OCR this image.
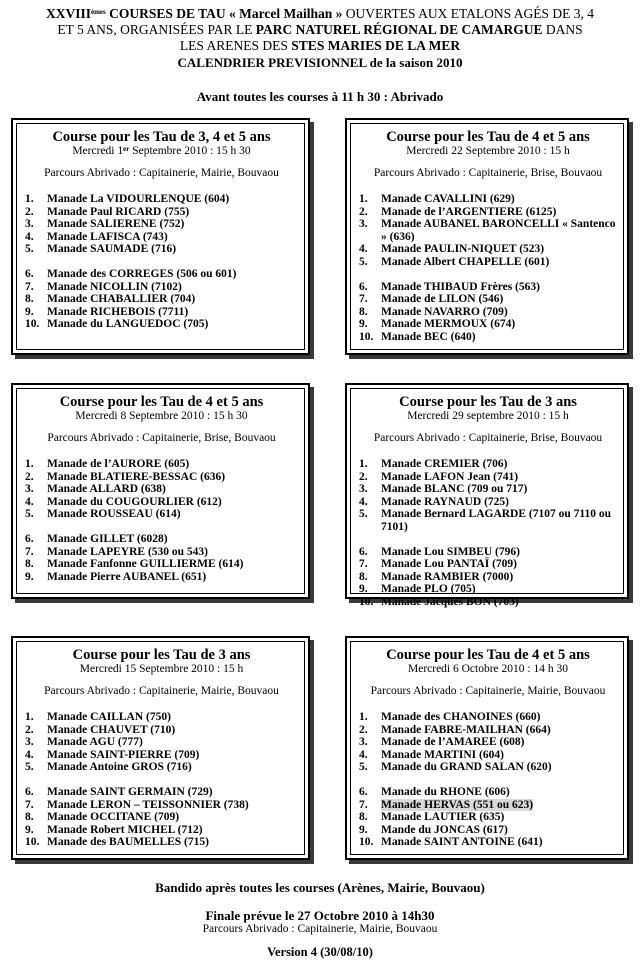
XXVIIIèmes COURSES DE TAU « Marcel Mailhan » OUVERTES AUX ETALONS AGÉS DE 3, 4
ET 5 ANS, ORGANISÉES PAR LE PARC NATUREL RÉGIONAL DE CAMARGUE DANS
LES ARENES DES STES MARIES DE LA MER
CALENDRIER PREVISIONNEL de la saison 2010
Avant toutes les courses à 11 h 30 : Abrivado
Course pour les Tau de 3, 4 et 5 ans
Mercredi 1er Septembre 2010 : 15 h 30
Parcours Abrivado : Capitainerie, Mairie, Bouvaou
1.	Manade La VIDOURLENQUE (604)
2.	Manade Paul RICARD (755)
3.	Manade SALIERENE (752)
4.	Manade LAFISCA (743)
5.	Manade SAUMADE (716)
6.	Manade des CORREGES (506 ou 601)
7.	Manade NICOLLIN (7102)
8.	Manade CHABALLIER (704)
9.	Manade RICHEBOIS (7711)
10. Manade du LANGUEDOC (705)
Course pour les Tau de 4 et 5 ans
Mercredi 22 Septembre 2010 : 15 h
Parcours Abrivado : Capitainerie, Brise, Bouvaou
1.	Manade CAVALLINI (629)
2.	Manade de l’ARGENTIERE (6125)
3.	Manade AUBANEL BARONCELLI « Santenco » (636)
4.	Manade PAULIN-NIQUET (523)
5.	Manade Albert CHAPELLE (601)
6.	Manade THIBAUD Frères (563)
7.	Manade de LILON (546)
8.	Manade NAVARRO (709)
9.	Manade MERMOUX (674)
10. Manade BEC (640)
Course pour les Tau de 4 et 5 ans
Mercredi 8 Septembre 2010 : 15 h 30
Parcours Abrivado : Capitainerie, Brise, Bouvaou
1.	Manade de l’AURORE (605)
2.	Manade BLATIERE-BESSAC (636)
3.	Manade ALLARD (638)
4.	Manade du COUGOURLIER (612)
5.	Manade ROUSSEAU (614)
6.	Manade GILLET (6028)
7.	Manade LAPEYRE (530 ou 543)
8.	Manade Fanfonne GUILLIERME (614)
9.	Manade Pierre AUBANEL (651)
Course pour les Tau de 3 ans
Mercredi 29 septembre 2010 : 15 h
Parcours Abrivado : Capitainerie, Brise, Bouvaou
1.	Manade CREMIER (706)
2.	Manade LAFON Jean (741)
3.	Manade BLANC (709 ou 717)
4.	Manade RAYNAUD (725)
5.	Manade Bernard LAGARDE (7107 ou 7110 ou 7101)
6.	Manade Lou SIMBEU (796)
7.	Manade Lou PANTAÏ (709)
8.	Manade RAMBIER (7000)
9.	Manade PLO (705)
10. Manade Jacques BON (703)
Course pour les Tau de 3 ans
Mercredi 15 Septembre 2010 : 15 h
Parcours Abrivado : Capitainerie, Mairie, Bouvaou
1.	Manade CAILLAN (750)
2.	Manade CHAUVET (710)
3.	Manade AGU (777)
4.	Manade SAINT-PIERRE (709)
5.	Manade Antoine GROS (716)
6.	Manade SAINT GERMAIN (729)
7.	Manade LERON – TEISSONNIER (738)
8.	Manade OCCITANE (709)
9.	Manade Robert MICHEL (712)
10. Manade des BAUMELLES (715)
Course pour les Tau de 4 et 5 ans
Mercredi 6 Octobre 2010 : 14 h 30
Parcours Abrivado : Capitainerie, Mairie, Bouvaou
1.	Manade des CHANOINES (660)
2.	Manade FABRE-MAILHAN (664)
3.	Manade de l’AMAREE (608)
4.	Manade MARTINI (604)
5.	Manade du GRAND SALAN (620)
6.	Manade du RHONE (606)
7.	Manade HERVAS (551 ou 623)
8.	Manade LAUTIER (635)
9.	Mande du JONCAS (617)
10. Manade SAINT ANTOINE (641)
Bandido après toutes les courses (Arènes, Mairie, Bouvaou)
Finale prévue le 27 Octobre 2010 à 14h30
Parcours Abrivado : Capitainerie, Mairie, Bouvaou
Version 4 (30/08/10)
